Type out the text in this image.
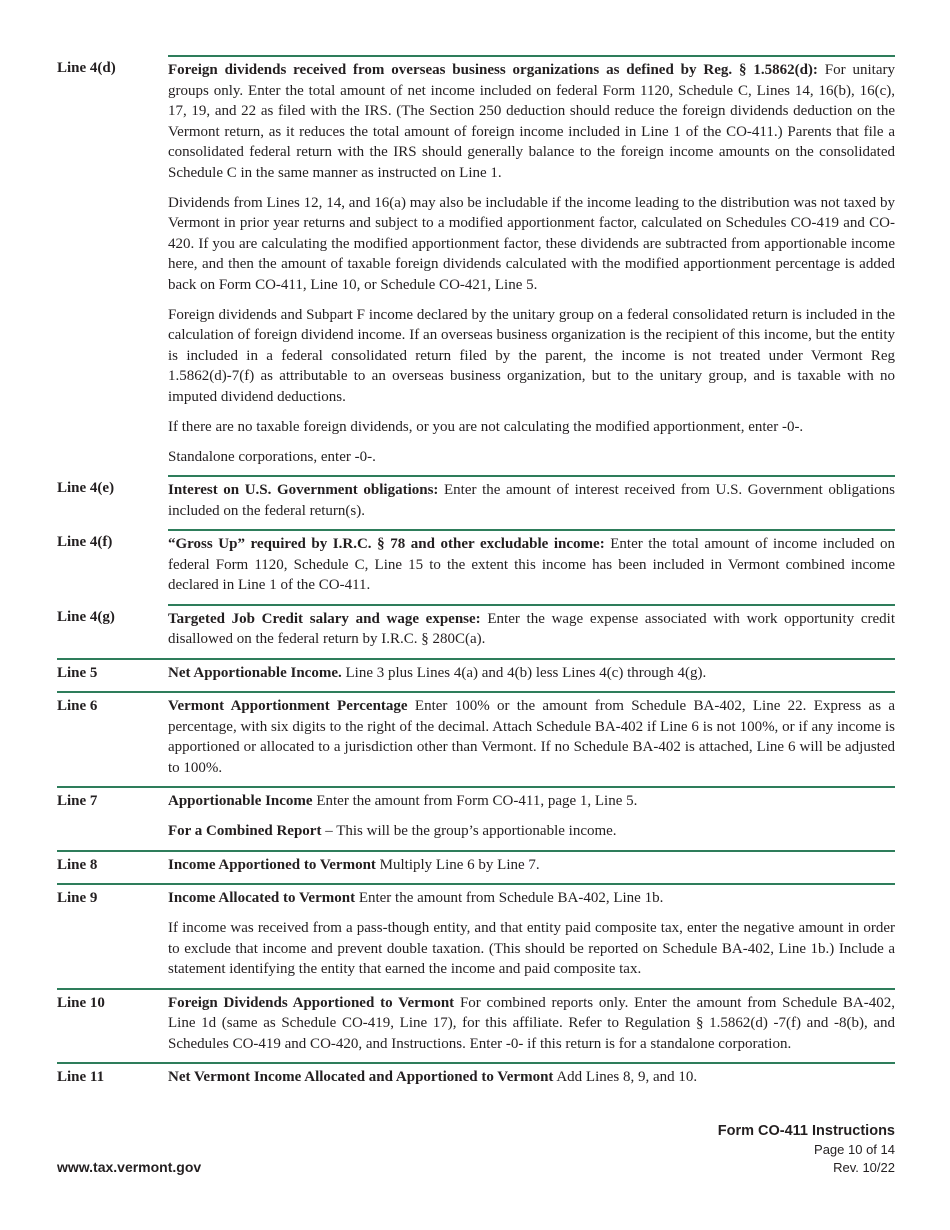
Line 4(d)	Foreign dividends received from overseas business organizations as defined by Reg. § 1.5862(d): For unitary groups only. Enter the total amount of net income included on federal Form 1120, Schedule C, Lines 14, 16(b), 16(c), 17, 19, and 22 as filed with the IRS. (The Section 250 deduction should reduce the foreign dividends deduction on the Vermont return, as it reduces the total amount of foreign income included in Line 1 of the CO-411.) Parents that file a consolidated federal return with the IRS should generally balance to the foreign income amounts on the consolidated Schedule C in the same manner as instructed on Line 1.

Dividends from Lines 12, 14, and 16(a) may also be includable if the income leading to the distribution was not taxed by Vermont in prior year returns and subject to a modified apportionment factor, calculated on Schedules CO-419 and CO-420. If you are calculating the modified apportionment factor, these dividends are subtracted from apportionable income here, and then the amount of taxable foreign dividends calculated with the modified apportionment percentage is added back on Form CO-411, Line 10, or Schedule CO-421, Line 5.

Foreign dividends and Subpart F income declared by the unitary group on a federal consolidated return is included in the calculation of foreign dividend income. If an overseas business organization is the recipient of this income, but the entity is included in a federal consolidated return filed by the parent, the income is not treated under Vermont Reg 1.5862(d)-7(f) as attributable to an overseas business organization, but to the unitary group, and is taxable with no imputed dividend deductions.

If there are no taxable foreign dividends, or you are not calculating the modified apportionment, enter -0-.

Standalone corporations, enter -0-.

Line 4(e)	Interest on U.S. Government obligations: Enter the amount of interest received from U.S. Government obligations included on the federal return(s).

Line 4(f)	“Gross Up” required by I.R.C. § 78 and other excludable income: Enter the total amount of income included on federal Form 1120, Schedule C, Line 15 to the extent this income has been included in Vermont combined income declared in Line 1 of the CO-411.

Line 4(g)	Targeted Job Credit salary and wage expense: Enter the wage expense associated with work opportunity credit disallowed on the federal return by I.R.C. § 280C(a).

Line 5	Net Apportionable Income. Line 3 plus Lines 4(a) and 4(b) less Lines 4(c) through 4(g).

Line 6	Vermont Apportionment Percentage Enter 100% or the amount from Schedule BA-402, Line 22. Express as a percentage, with six digits to the right of the decimal. Attach Schedule BA-402 if Line 6 is not 100%, or if any income is apportioned or allocated to a jurisdiction other than Vermont. If no Schedule BA-402 is attached, Line 6 will be adjusted to 100%.

Line 7	Apportionable Income Enter the amount from Form CO-411, page 1, Line 5.

For a Combined Report – This will be the group’s apportionable income.

Line 8	Income Apportioned to Vermont Multiply Line 6 by Line 7.

Line 9	Income Allocated to Vermont Enter the amount from Schedule BA-402, Line 1b.

If income was received from a pass-though entity, and that entity paid composite tax, enter the negative amount in order to exclude that income and prevent double taxation. (This should be reported on Schedule BA-402, Line 1b.) Include a statement identifying the entity that earned the income and paid composite tax.

Line 10	Foreign Dividends Apportioned to Vermont For combined reports only. Enter the amount from Schedule BA-402, Line 1d (same as Schedule CO-419, Line 17), for this affiliate. Refer to Regulation § 1.5862(d) -7(f) and -8(b), and Schedules CO-419 and CO-420, and Instructions. Enter -0- if this return is for a standalone corporation.

Line 11	Net Vermont Income Allocated and Apportioned to Vermont Add Lines 8, 9, and 10.

Form CO-411 Instructions
Page 10 of 14
Rev. 10/22
www.tax.vermont.gov
